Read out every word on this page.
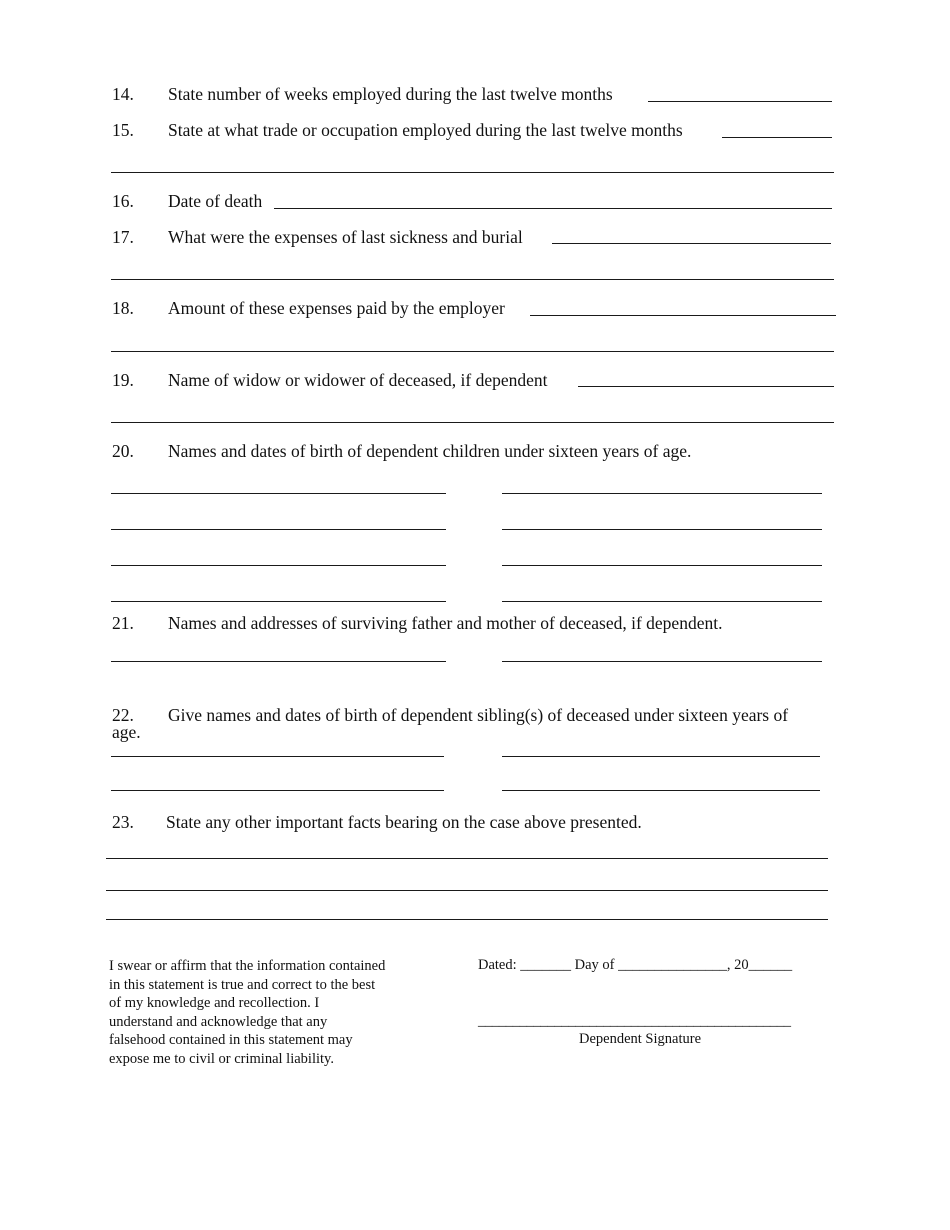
14. State number of weeks employed during the last twelve months
15. State at what trade or occupation employed during the last twelve months
16. Date of death
17. What were the expenses of last sickness and burial
18. Amount of these expenses paid by the employer
19. Name of widow or widower of deceased, if dependent
20. Names and dates of birth of dependent children under sixteen years of age.
21. Names and addresses of surviving father and mother of deceased, if dependent.
22. Give names and dates of birth of dependent sibling(s) of deceased under sixteen years of
age.
23. State any other important facts bearing on the case above presented.
I swear or affirm that the information contained
in this statement is true and correct to the best
of my knowledge and recollection. I
understand and acknowledge that any
falsehood contained in this statement may
expose me to civil or criminal liability.
Dated: _______ Day of _______________, 20______
_____________________________________________
Dependent Signature
